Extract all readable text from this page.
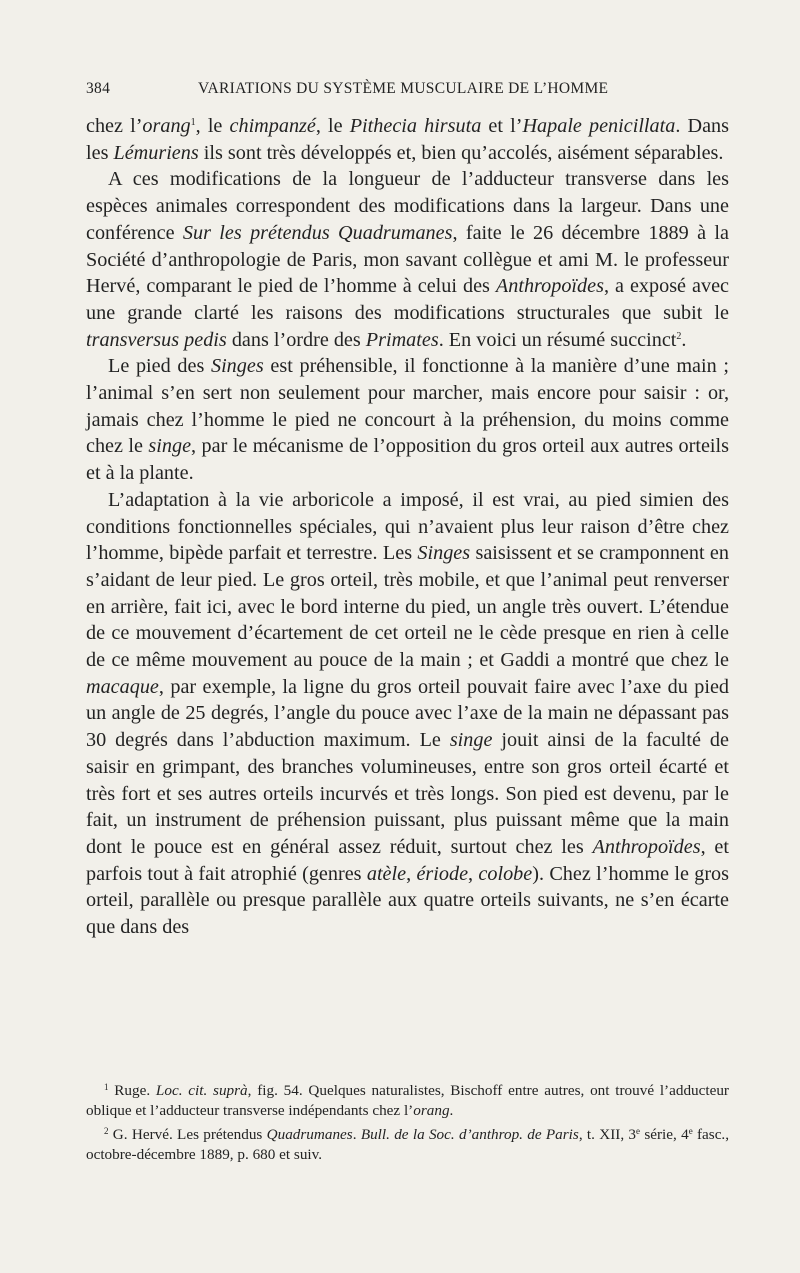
384	VARIATIONS DU SYSTÈME MUSCULAIRE DE L’HOMME

chez l’orang$^1$, le chimpanzé, le Pithecia hirsuta et l’Hapale penicillata. Dans les Lémuriens ils sont très développés et, bien qu’accolés, aisément séparables.

A ces modifications de la longueur de l’adducteur transverse dans les espèces animales correspondent des modifications dans la largeur. Dans une conférence Sur les prétendus Quadrumanes, faite le 26 décembre 1889 à la Société d’anthropologie de Paris, mon savant collègue et ami M. le professeur Hervé, comparant le pied de l’homme à celui des Anthropoïdes, a exposé avec une grande clarté les raisons des modifications structurales que subit le transversus pedis dans l’ordre des Primates. En voici un résumé succinct$^2$.

Le pied des Singes est préhensible, il fonctionne à la manière d’une main ; l’animal s’en sert non seulement pour marcher, mais encore pour saisir : or, jamais chez l’homme le pied ne concourt à la préhension, du moins comme chez le singe, par le mécanisme de l’opposition du gros orteil aux autres orteils et à la plante.

L’adaptation à la vie arboricole a imposé, il est vrai, au pied simien des conditions fonctionnelles spéciales, qui n’avaient plus leur raison d’être chez l’homme, bipède parfait et terrestre. Les Singes saisissent et se cramponnent en s’aidant de leur pied. Le gros orteil, très mobile, et que l’animal peut renverser en arrière, fait ici, avec le bord interne du pied, un angle très ouvert. L’étendue de ce mouvement d’écartement de cet orteil ne le cède presque en rien à celle de ce même mouvement au pouce de la main ; et Gaddi a montré que chez le macaque, par exemple, la ligne du gros orteil pouvait faire avec l’axe du pied un angle de 25 degrés, l’angle du pouce avec l’axe de la main ne dépassant pas 30 degrés dans l’abduction maximum. Le singe jouit ainsi de la faculté de saisir en grimpant, des branches volumineuses, entre son gros orteil écarté et très fort et ses autres orteils incurvés et très longs. Son pied est devenu, par le fait, un instrument de préhension puissant, plus puissant même que la main dont le pouce est en général assez réduit, surtout chez les Anthropoïdes, et parfois tout à fait atrophié (genres atèle, ériode, colobe). Chez l’homme le gros orteil, parallèle ou presque parallèle aux quatre orteils suivants, ne s’en écarte que dans des

$^1$ Ruge. Loc. cit. suprà, fig. 54. Quelques naturalistes, Bischoff entre autres, ont trouvé l’adducteur oblique et l’adducteur transverse indépendants chez l’orang.

$^2$ G. Hervé. Les prétendus Quadrumanes. Bull. de la Soc. d’anthrop. de Paris, t. XII, 3e série, 4e fasc., octobre-décembre 1889, p. 680 et suiv.
